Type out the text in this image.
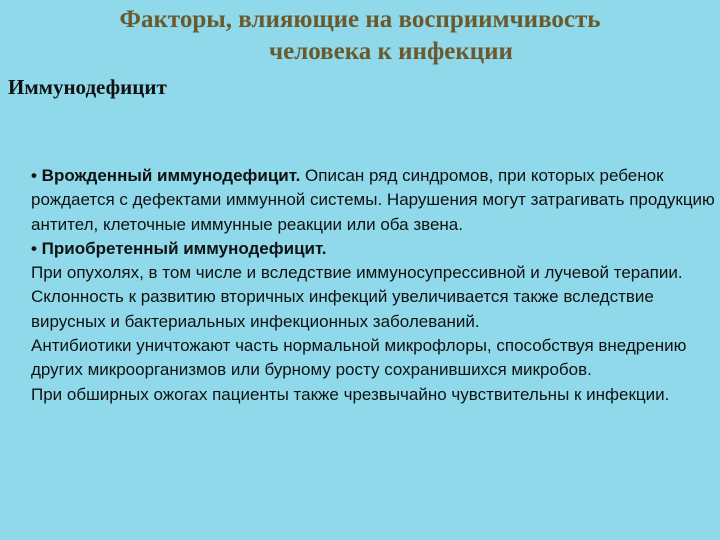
Факторы, влияющие на восприимчивость
человека к инфекции
Иммунодефицит

• Врожденный иммунодефицит. Описан ряд синдромов, при которых ребенок рождается с дефектами иммунной системы. Нарушения могут затрагивать продукцию антител, клеточные иммунные реакции или оба звена.

• Приобретенный иммунодефицит.

При опухолях, в том числе и вследствие иммуносупрессивной и лучевой терапии.

Склонность к развитию вторичных инфекций увеличивается также вследствие вирусных и бактериальных инфекционных заболеваний.

Антибиотики уничтожают часть нормальной микрофлоры, способствуя внедрению других микроорганизмов или бурному росту сохранившихся микробов.

При обширных ожогах пациенты также чрезвычайно чувствительны к инфекции.
